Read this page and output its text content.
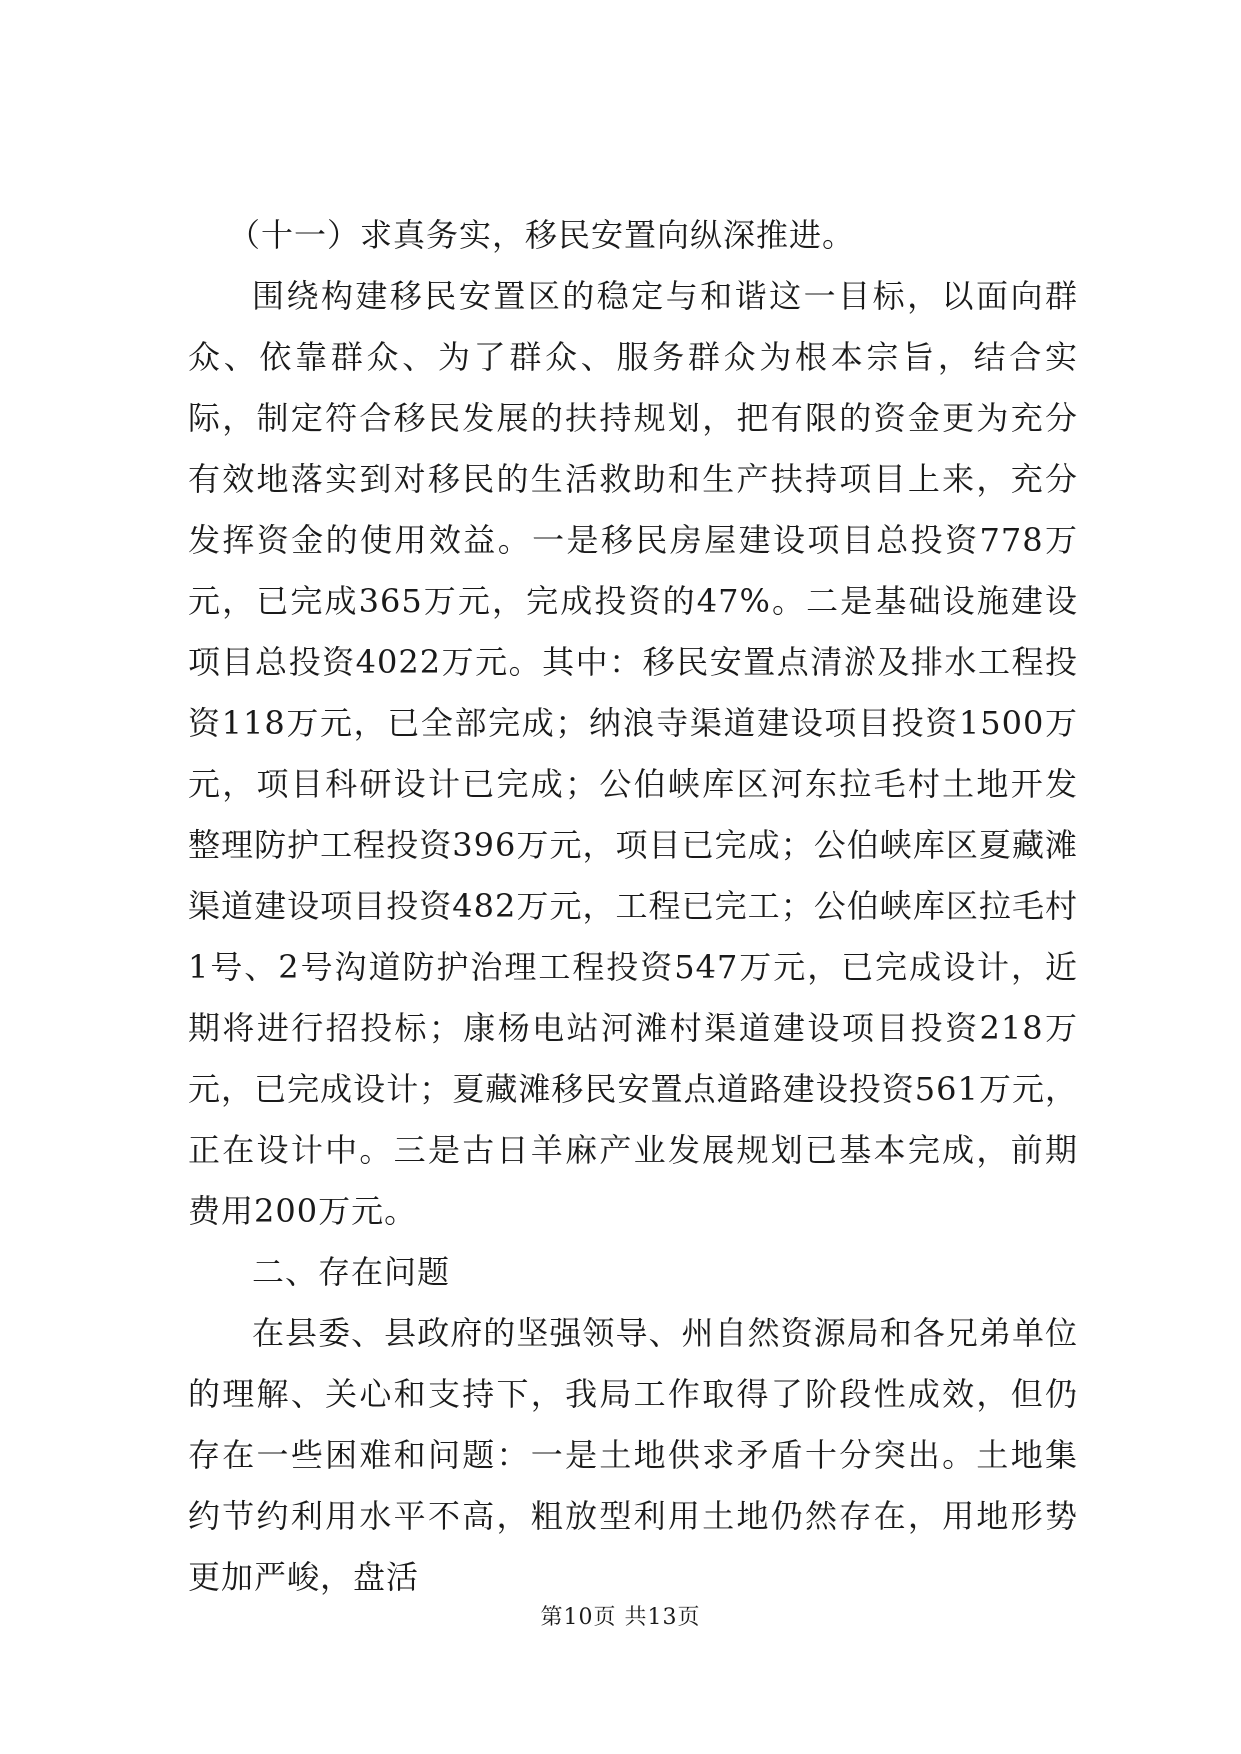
（十一）求真务实，移民安置向纵深推进。

围绕构建移民安置区的稳定与和谐这一目标，以面向群众、依靠群众、为了群众、服务群众为根本宗旨，结合实际，制定符合移民发展的扶持规划，把有限的资金更为充分有效地落实到对移民的生活救助和生产扶持项目上来，充分发挥资金的使用效益。一是移民房屋建设项目总投资778万元，已完成365万元，完成投资的47%。二是基础设施建设项目总投资4022万元。其中：移民安置点清淤及排水工程投资118万元，已全部完成；纳浪寺渠道建设项目投资1500万元，项目科研设计已完成；公伯峡库区河东拉毛村土地开发整理防护工程投资396万元，项目已完成；公伯峡库区夏藏滩渠道建设项目投资482万元，工程已完工；公伯峡库区拉毛村1号、2号沟道防护治理工程投资547万元，已完成设计，近期将进行招投标；康杨电站河滩村渠道建设项目投资218万元，已完成设计；夏藏滩移民安置点道路建设投资561万元，正在设计中。三是古日羊麻产业发展规划已基本完成，前期费用200万元。

二、存在问题

在县委、县政府的坚强领导、州自然资源局和各兄弟单位的理解、关心和支持下，我局工作取得了阶段性成效，但仍存在一些困难和问题：一是土地供求矛盾十分突出。土地集约节约利用水平不高，粗放型利用土地仍然存在，用地形势更加严峻，盘活

第10页 共13页
